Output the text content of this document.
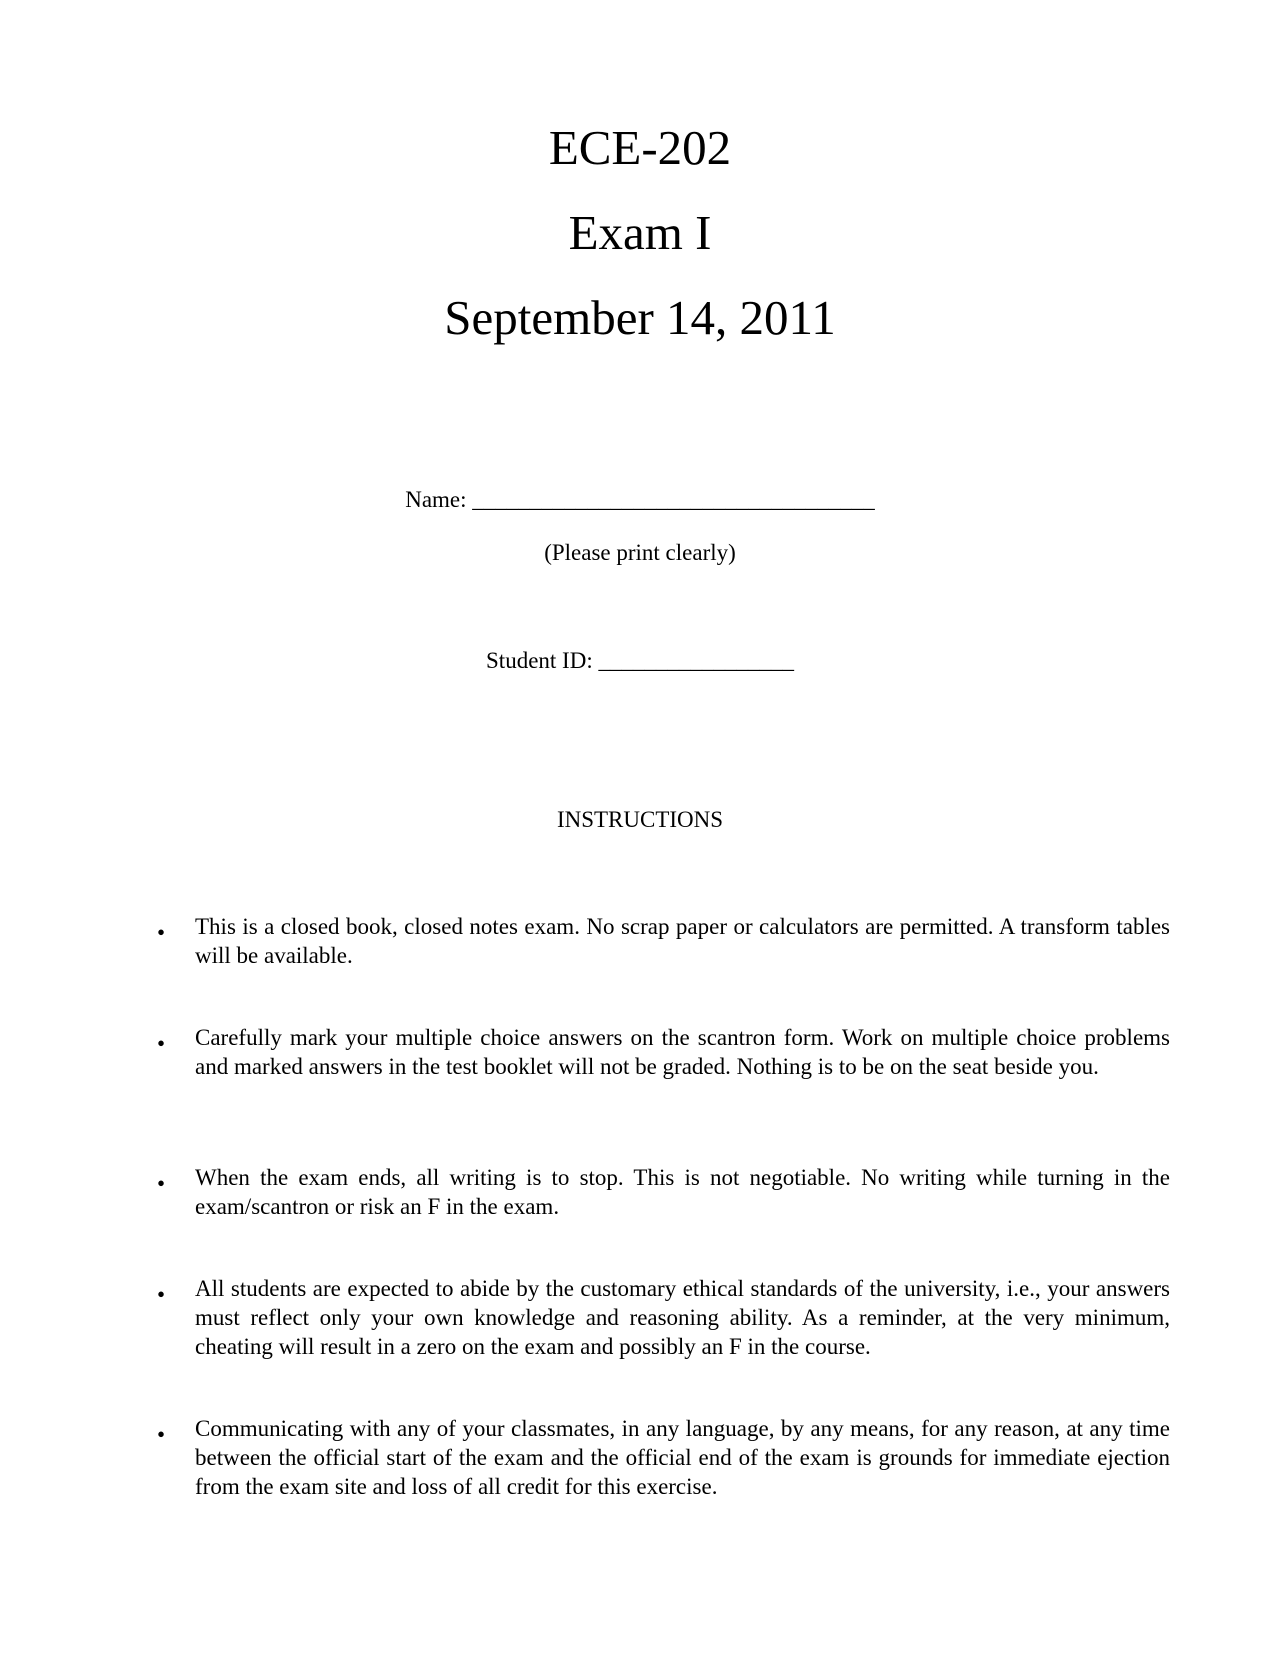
ECE-202
Exam I
September 14, 2011
Name: ___________________________________
(Please print clearly)
Student ID: _________________
INSTRUCTIONS
• This is a closed book, closed notes exam. No scrap paper or calculators are permitted. A transform tables will be available.
• Carefully mark your multiple choice answers on the scantron form. Work on multiple choice problems and marked answers in the test booklet will not be graded. Nothing is to be on the seat beside you.
• When the exam ends, all writing is to stop. This is not negotiable. No writing while turning in the exam/scantron or risk an F in the exam.
• All students are expected to abide by the customary ethical standards of the university, i.e., your answers must reflect only your own knowledge and reasoning ability. As a reminder, at the very minimum, cheating will result in a zero on the exam and possibly an F in the course.
• Communicating with any of your classmates, in any language, by any means, for any reason, at any time between the official start of the exam and the official end of the exam is grounds for immediate ejection from the exam site and loss of all credit for this exercise.
